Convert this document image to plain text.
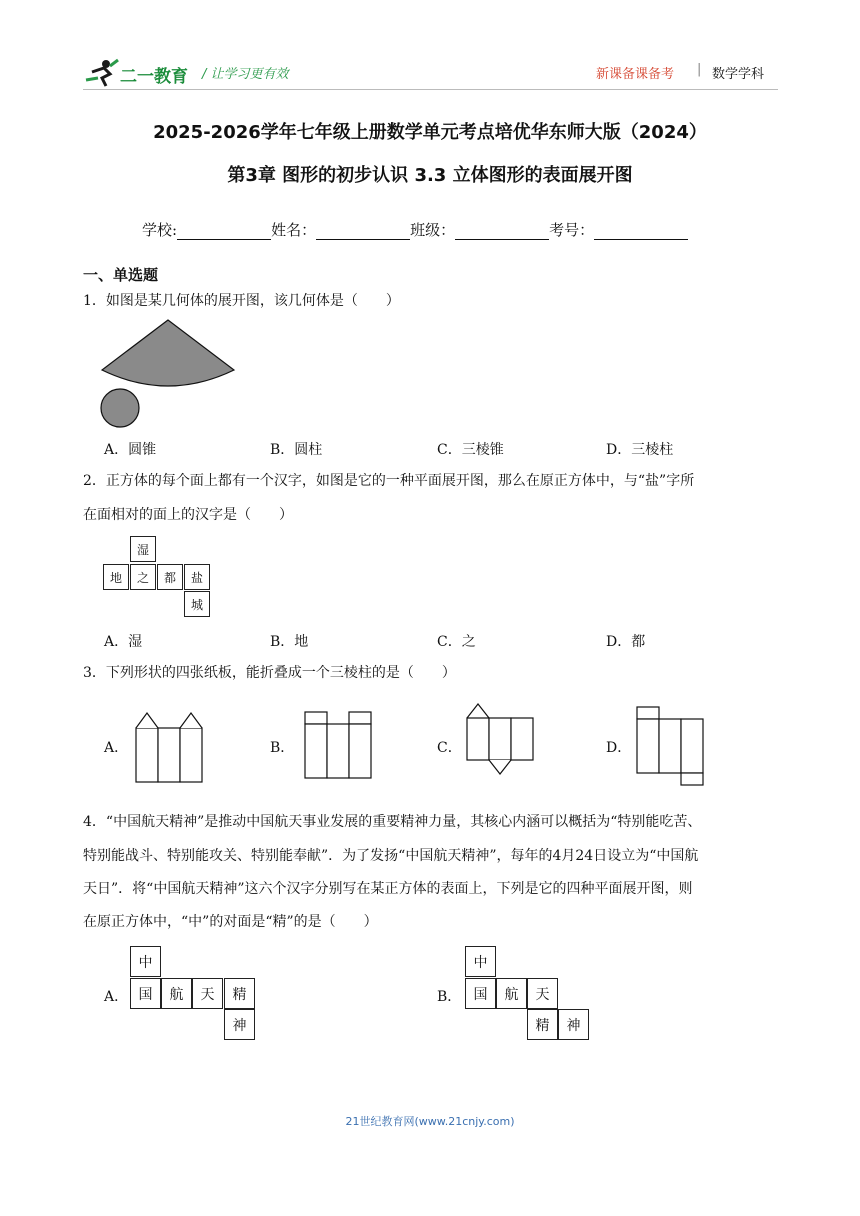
二一教育 / 让学习更有效	新课备课备考 | 数学学科
2025-2026学年七年级上册数学单元考点培优华东师大版（2024）
第3章 图形的初步认识 3.3 立体图形的表面展开图
学校:	姓名：	班级：	考号：
一、单选题
1．如图是某几何体的展开图，该几何体是（　　）
A．圆锥	B．圆柱	C．三棱锥	D．三棱柱
2．正方体的每个面上都有一个汉字，如图是它的一种平面展开图，那么在原正方体中，与“盐”字所
在面相对的面上的汉字是（　　）
湿
地	之	都	盐
城
A．湿	B．地	C．之	D．都
3．下列形状的四张纸板，能折叠成一个三棱柱的是（　　）
A．	B．	C．	D．
4．“中国航天精神”是推动中国航天事业发展的重要精神力量，其核心内涵可以概括为“特别能吃苦、
特别能战斗、特别能攻关、特别能奉献”．为了发扬“中国航天精神”，每年的4月24日设立为“中国航
天日”．将“中国航天精神”这六个汉字分别写在某正方体的表面上，下列是它的四种平面展开图，则
在原正方体中，“中”的对面是“精”的是（　　）
A．
中
国	航	天	精
神
B．
中
国	航	天
精	神
21世纪教育网(www.21cnjy.com)
